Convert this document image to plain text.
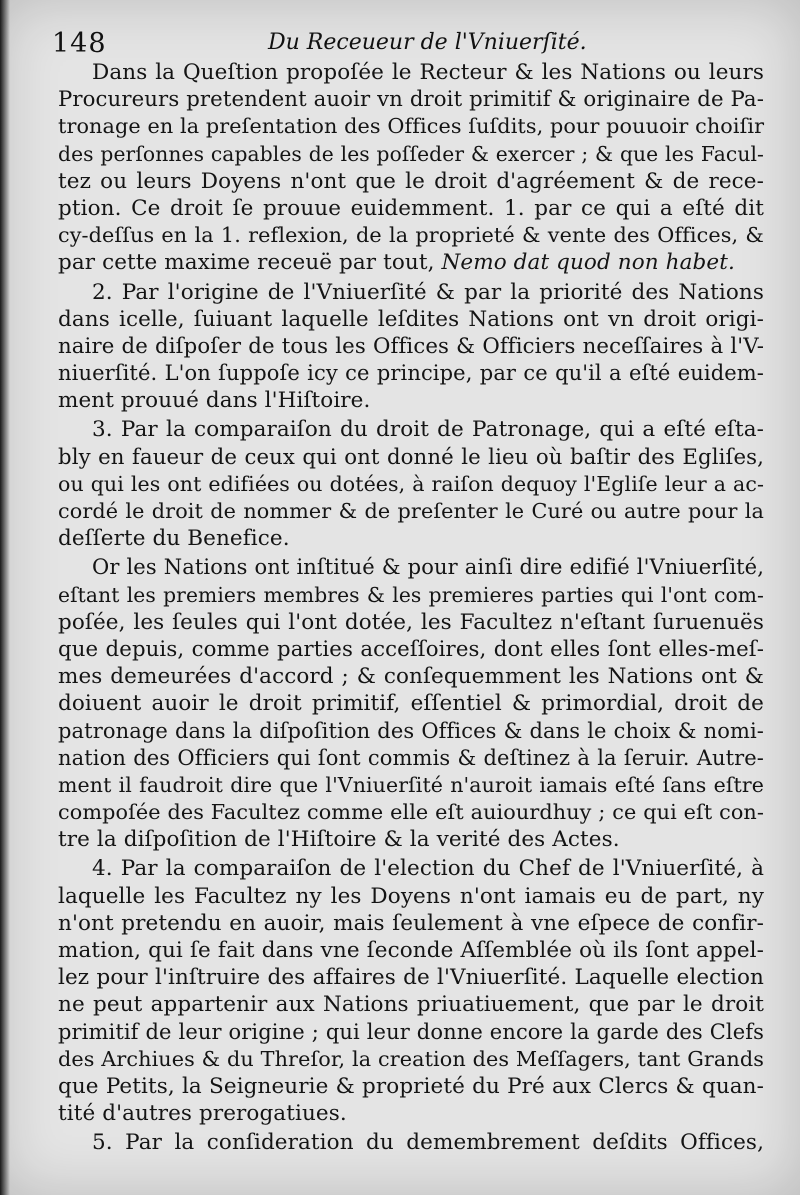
148	Du Receueur de l'Vniuerſité.
Dans la Queſtion propoſée le Recteur & les Nations ou leurs
Procureurs pretendent auoir vn droit primitif & originaire de Pa-
tronage en la preſentation des Offices ſuſdits, pour pouuoir choiſir
des perſonnes capables de les poſſeder & exercer ; & que les Facul-
tez ou leurs Doyens n'ont que le droit d'agréement & de rece-
ption. Ce droit ſe prouue euidemment. 1. par ce qui a eſté dit
cy-deſſus en la 1. reflexion, de la proprieté & vente des Offices, &
par cette maxime receuë par tout, Nemo dat quod non habet.
2. Par l'origine de l'Vniuerſité & par la priorité des Nations
dans icelle, ſuiuant laquelle leſdites Nations ont vn droit origi-
naire de diſpoſer de tous les Offices & Officiers neceſſaires à l'V-
niuerſité. L'on ſuppoſe icy ce principe, par ce qu'il a eſté euidem-
ment prouué dans l'Hiſtoire.
3. Par la comparaiſon du droit de Patronage, qui a eſté eſta-
bly en faueur de ceux qui ont donné le lieu où baſtir des Egliſes,
ou qui les ont edifiées ou dotées, à raiſon dequoy l'Egliſe leur a ac-
cordé le droit de nommer & de preſenter le Curé ou autre pour la
deſſerte du Benefice.
Or les Nations ont inſtitué & pour ainſi dire edifié l'Vniuerſité,
eſtant les premiers membres & les premieres parties qui l'ont com-
poſée, les ſeules qui l'ont dotée, les Facultez n'eſtant ſuruenuës
que depuis, comme parties acceſſoires, dont elles ſont elles-meſ-
mes demeurées d'accord ; & conſequemment les Nations ont &
doiuent auoir le droit primitif, eſſentiel & primordial, droit de
patronage dans la diſpoſition des Offices & dans le choix & nomi-
nation des Officiers qui ſont commis & deſtinez à la ſeruir. Autre-
ment il faudroit dire que l'Vniuerſité n'auroit iamais eſté ſans eſtre
compoſée des Facultez comme elle eſt auiourdhuy ; ce qui eſt con-
tre la diſpoſition de l'Hiſtoire & la verité des Actes.
4. Par la comparaiſon de l'election du Chef de l'Vniuerſité, à
laquelle les Facultez ny les Doyens n'ont iamais eu de part, ny
n'ont pretendu en auoir, mais ſeulement à vne eſpece de confir-
mation, qui ſe fait dans vne ſeconde Aſſemblée où ils ſont appel-
lez pour l'inſtruire des affaires de l'Vniuerſité. Laquelle election
ne peut appartenir aux Nations priuatiuement, que par le droit
primitif de leur origine ; qui leur donne encore la garde des Clefs
des Archiues & du Threſor, la creation des Meſſagers, tant Grands
que Petits, la Seigneurie & proprieté du Pré aux Clercs & quan-
tité d'autres prerogatiues.
5. Par la conſideration du demembrement deſdits Offices,
